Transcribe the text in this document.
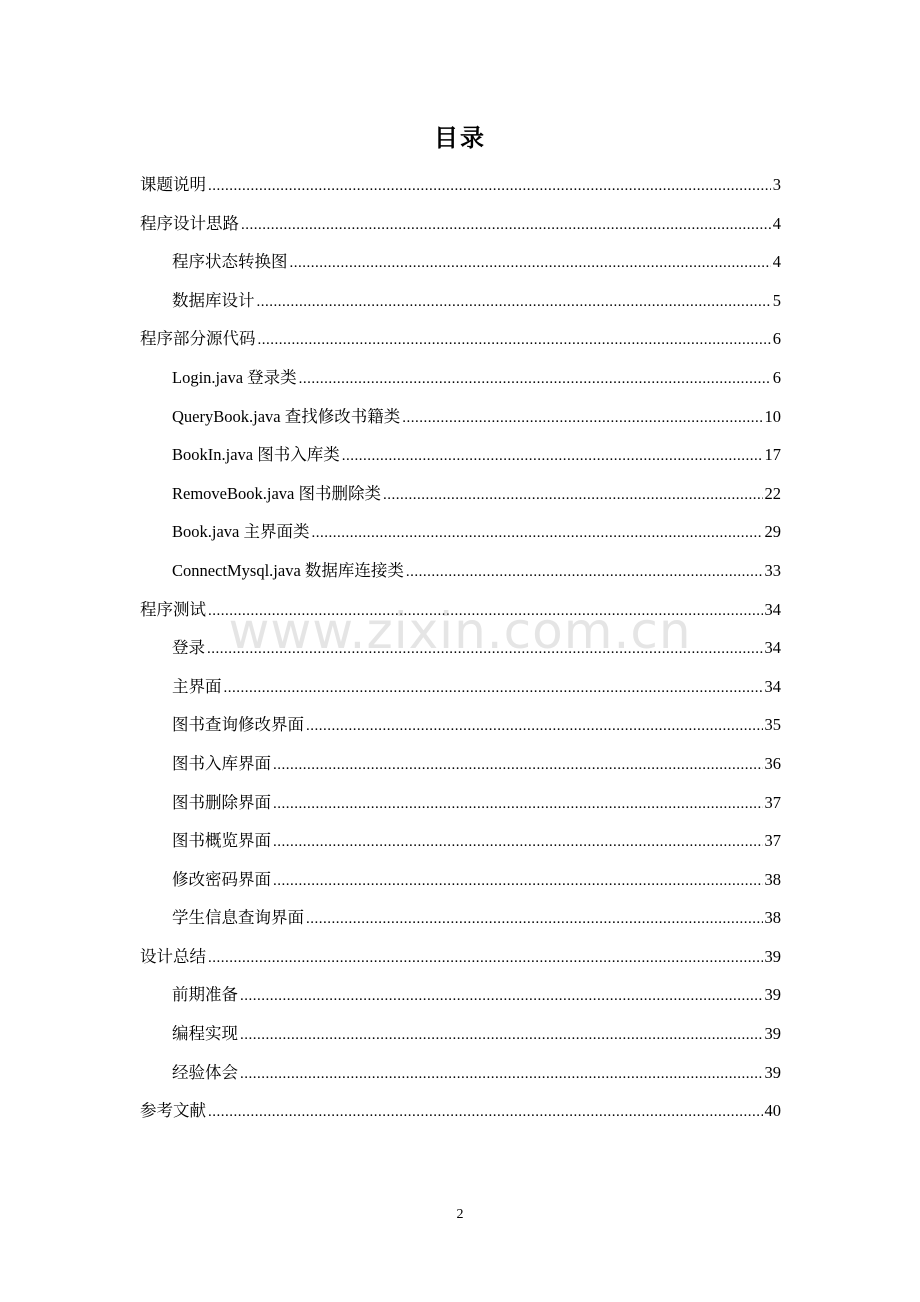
目录
课题说明 .....	3
程序设计思路 .....	4
程序状态转换图 .....	4
数据库设计 .....	5
程序部分源代码 .....	6
Login.java 登录类 .....	6
QueryBook.java 查找修改书籍类 .....	10
BookIn.java 图书入库类 .....	17
RemoveBook.java 图书删除类 .....	22
Book.java 主界面类 .....	29
ConnectMysql.java 数据库连接类 .....	33
程序测试 .....	34
登录 .....	34
主界面 .....	34
图书查询修改界面 .....	35
图书入库界面 .....	36
图书删除界面 .....	37
图书概览界面 .....	37
修改密码界面 .....	38
学生信息查询界面 .....	38
设计总结 .....	39
前期准备 .....	39
编程实现 .....	39
经验体会 .....	39
参考文献 .....	40
www.zixin.com.cn
2
